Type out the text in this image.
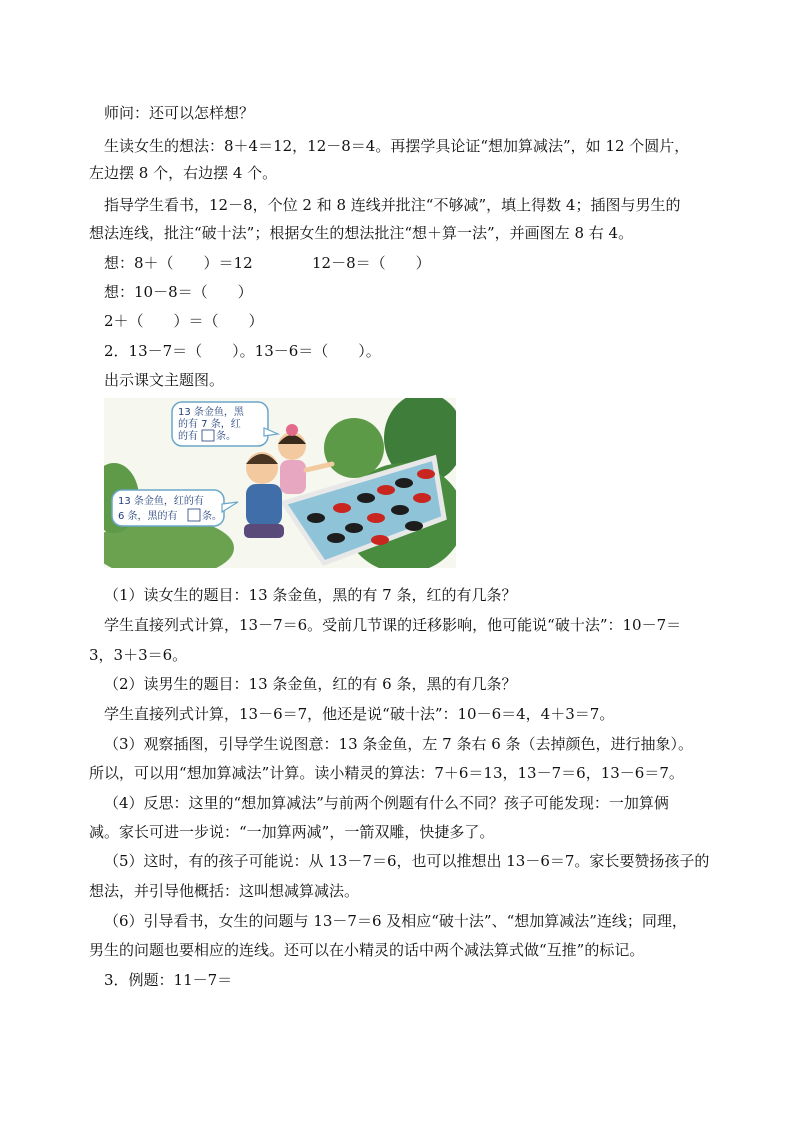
师问：还可以怎样想？
生读女生的想法：8＋4＝12，12－8＝4。再摆学具论证“想加算减法”，如 12 个圆片，
左边摆 8 个，右边摆 4 个。
指导学生看书，12－8，个位 2 和 8 连线并批注“不够减”，填上得数 4；插图与男生的
想法连线，批注“破十法”；根据女生的想法批注“想＋算一法”，并画图左 8 右 4。
想：8＋（　　）＝12	12－8＝（　　）
想：10－8＝（　　）
2＋（　　）＝（　　）
2．13－7＝（　　）。13－6＝（　　）。
出示课文主题图。
13 条金鱼，黑
的有 7 条，红
的有 条。
13 条金鱼，红的有
6 条，黑的有 条。
（1）读女生的题目：13 条金鱼，黑的有 7 条，红的有几条？
学生直接列式计算，13－7＝6。受前几节课的迁移影响，他可能说“破十法”：10－7＝
3，3＋3＝6。
（2）读男生的题目：13 条金鱼，红的有 6 条，黑的有几条？
学生直接列式计算，13－6＝7，他还是说“破十法”：10－6＝4，4＋3＝7。
（3）观察插图，引导学生说图意：13 条金鱼，左 7 条右 6 条（去掉颜色，进行抽象）。
所以，可以用“想加算减法”计算。读小精灵的算法：7＋6＝13，13－7＝6，13－6＝7。
（4）反思：这里的“想加算减法”与前两个例题有什么不同？孩子可能发现：一加算俩
减。家长可进一步说：“一加算两减”，一箭双雕，快捷多了。
（5）这时，有的孩子可能说：从 13－7＝6，也可以推想出 13－6＝7。家长要赞扬孩子的
想法，并引导他概括：这叫想减算减法。
（6）引导看书，女生的问题与 13－7＝6 及相应“破十法”、“想加算减法”连线；同理，
男生的问题也要相应的连线。还可以在小精灵的话中两个减法算式做“互推”的标记。
3．例题：11－7＝
